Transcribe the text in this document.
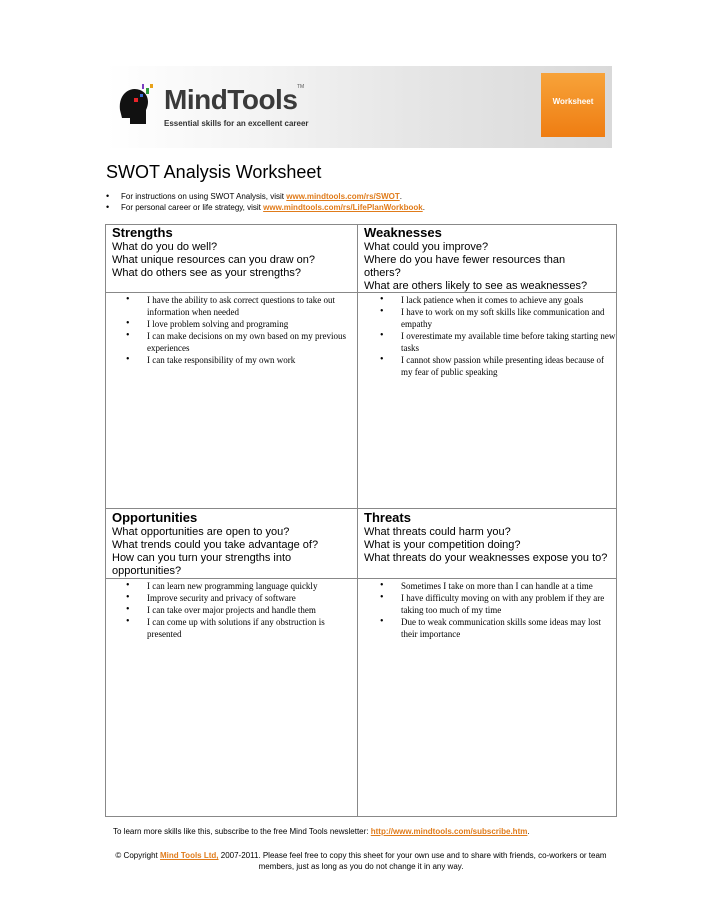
MindTools TM
Essential skills for an excellent career
Worksheet
SWOT Analysis Worksheet
• For instructions on using SWOT Analysis, visit www.mindtools.com/rs/SWOT.
• For personal career or life strategy, visit www.mindtools.com/rs/LifePlanWorkbook.
Strengths
What do you do well?
What unique resources can you draw on?
What do others see as your strengths?
• I have the ability to ask correct questions to take out information when needed
• I love problem solving and programing
• I can make decisions on my own based on my previous experiences
• I can take responsibility of my own work
Weaknesses
What could you improve?
Where do you have fewer resources than others?
What are others likely to see as weaknesses?
• I lack patience when it comes to achieve any goals
• I have to work on my soft skills like communication and empathy
• I overestimate my available time before taking starting new tasks
• I cannot show passion while presenting ideas because of my fear of public speaking
Opportunities
What opportunities are open to you?
What trends could you take advantage of?
How can you turn your strengths into opportunities?
• I can learn new programming language quickly
• Improve security and privacy of software
• I can take over major projects and handle them
• I can come up with solutions if any obstruction is presented
Threats
What threats could harm you?
What is your competition doing?
What threats do your weaknesses expose you to?
• Sometimes I take on more than I can handle at a time
• I have difficulty moving on with any problem if they are taking too much of my time
• Due to weak communication skills some ideas may lost their importance
To learn more skills like this, subscribe to the free Mind Tools newsletter: http://www.mindtools.com/subscribe.htm.
© Copyright Mind Tools Ltd, 2007-2011. Please feel free to copy this sheet for your own use and to share with friends, co-workers or team members, just as long as you do not change it in any way.
